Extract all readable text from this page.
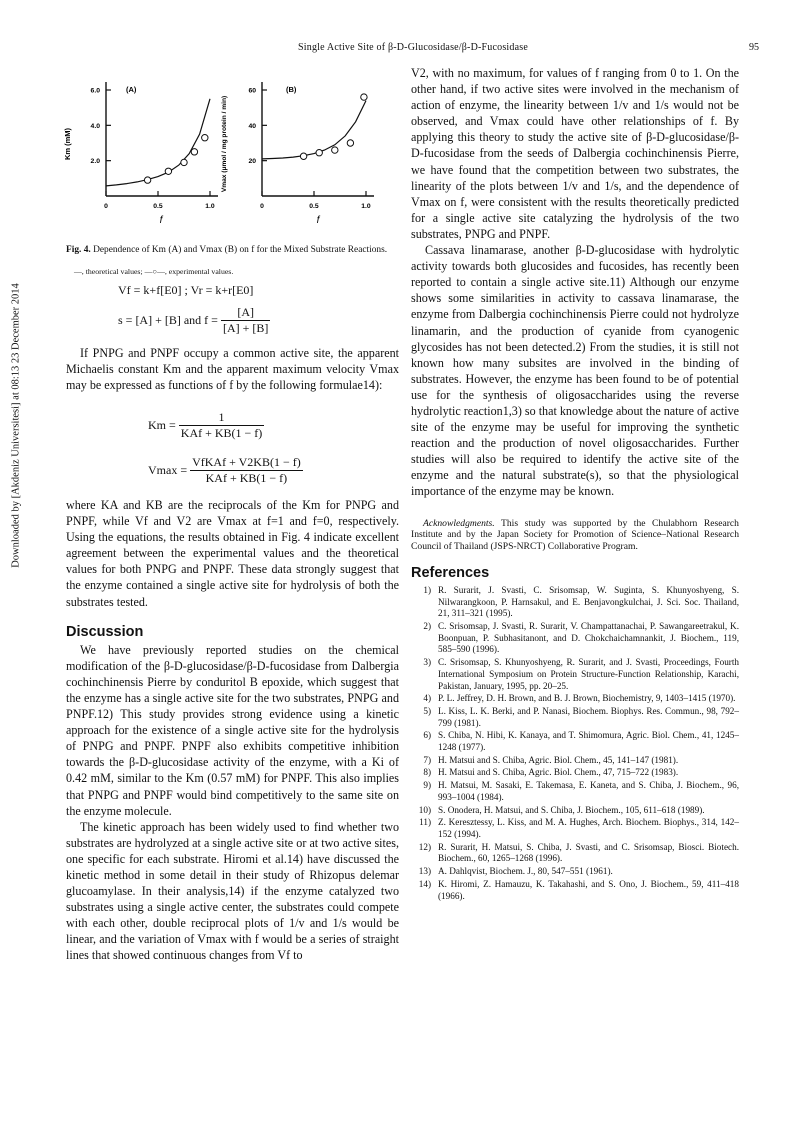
Single Active Site of β-D-Glucosidase/β-D-Fucosidase	95
Downloaded by [Akdeniz Universitesi] at 08:13 23 December 2014
(A)
Km (mM)
f
6.0
4.0
2.0
0	0.5	1.0
(B)
Vmax (μmol / mg protein / min)
f
60
40
20
0	0.5	1.0
Fig. 4. Dependence of Km (A) and Vmax (B) on f for the Mixed Substrate Reactions.
—, theoretical values; —○—, experimental values.
Vf = k+f[E0] ; Vr = k+r[E0]
s = [A] + [B] and $f = \frac{[A]}{[A] + [B]}$

If PNPG and PNPF occupy a common active site, the apparent Michaelis constant Km and the apparent maximum velocity Vmax may be expressed as functions of f by the following formulae14):

$Km = \frac{1}{\text{KAf + KB(1 − f)}}$
$Vmax = \frac{\text{VfKAf + V2KB(1 − f)}}{\text{KAf + KB(1 − f)}}$

where KA and KB are the reciprocals of the Km for PNPG and PNPF, while Vf and V2 are Vmax at f=1 and f=0, respectively. Using the equations, the results obtained in Fig. 4 indicate excellent agreement between the experimental values and the theoretical values for both PNPG and PNPF. These data strongly suggest that the enzyme contained a single active site for hydrolysis of both the substrates tested.

Discussion

We have previously reported studies on the chemical modification of the β-D-glucosidase/β-D-fucosidase from Dalbergia cochinchinensis Pierre by conduritol B epoxide, which suggest that the enzyme has a single active site for the two substrates, PNPG and PNPF.12) This study provides strong evidence using a kinetic approach for the existence of a single active site for the hydrolysis of PNPG and PNPF. PNPF also exhibits competitive inhibition towards the β-D-glucosidase activity of the enzyme, with a Ki of 0.42 mM, similar to the Km (0.57 mM) for PNPF. This also implies that PNPG and PNPF would bind competitively to the same site on the enzyme molecule.

The kinetic approach has been widely used to find whether two substrates are hydrolyzed at a single active site or at two active sites, one specific for each substrate. Hiromi et al.14) have discussed the kinetic method in some detail in their study of Rhizopus delemar glucoamylase. In their analysis,14) if the enzyme catalyzed two substrates using a single active center, the substrates could compete with each other, double reciprocal plots of 1/v and 1/s would be linear, and the variation of Vmax with f would be a series of straight lines that showed continuous changes from Vf to

V2, with no maximum, for values of f ranging from 0 to 1. On the other hand, if two active sites were involved in the mechanism of action of enzyme, the linearity between 1/v and 1/s would not be observed, and Vmax could have other relationships of f. By applying this theory to study the active site of β-D-glucosidase/β-D-fucosidase from the seeds of Dalbergia cochinchinensis Pierre, we have found that the competition between two substrates, the linearity of the plots between 1/v and 1/s, and the dependence of Vmax on f, were consistent with the results theoretically predicted for a single active site catalyzing the hydrolysis of the two substrates, PNPG and PNPF.

Cassava linamarase, another β-D-glucosidase with hydrolytic activity towards both glucosides and fucosides, has recently been reported to contain a single active site.11) Although our enzyme shows some similarities in activity to cassava linamarase, the enzyme from Dalbergia cochinchinensis Pierre could not hydrolyze linamarin, and the production of cyanide from cyanogenic glycosides has not been detected.2) From the studies, it is still not known how many subsites are involved in the binding of substrates. However, the enzyme has been found to be of potential use for the synthesis of oligosaccharides using the reverse hydrolytic reaction1,3) so that knowledge about the nature of active site of the enzyme may be useful for improving the synthetic reaction and the production of novel oligosaccharides. Further studies will also be required to identify the active site of the enzyme and the natural substrate(s), so that the physiological importance of the enzyme may be known.

Acknowledgments. This study was supported by the Chulabhorn Research Institute and by the Japan Society for Promotion of Science–National Research Council of Thailand (JSPS-NRCT) Collaborative Program.

References
1) R. Surarit, J. Svasti, C. Srisomsap, W. Suginta, S. Khunyoshyeng, S. Nilwarangkoon, P. Harnsakul, and E. Benjavongkulchai, J. Sci. Soc. Thailand, 21, 311–321 (1995).
2) C. Srisomsap, J. Svasti, R. Surarit, V. Champattanachai, P. Sawangareetrakul, K. Boonpuan, P. Subhasitanont, and D. Chokchaichamnankit, J. Biochem., 119, 585–590 (1996).
3) C. Srisomsap, S. Khunyoshyeng, R. Surarit, and J. Svasti, Proceedings, Fourth International Symposium on Protein Structure-Function Relationship, Karachi, Pakistan, January, 1995, pp. 20–25.
4) P. L. Jeffrey, D. H. Brown, and B. J. Brown, Biochemistry, 9, 1403–1415 (1970).
5) L. Kiss, L. K. Berki, and P. Nanasi, Biochem. Biophys. Res. Commun., 98, 792–799 (1981).
6) S. Chiba, N. Hibi, K. Kanaya, and T. Shimomura, Agric. Biol. Chem., 41, 1245–1248 (1977).
7) H. Matsui and S. Chiba, Agric. Biol. Chem., 45, 141–147 (1981).
8) H. Matsui and S. Chiba, Agric. Biol. Chem., 47, 715–722 (1983).
9) H. Matsui, M. Sasaki, E. Takemasa, E. Kaneta, and S. Chiba, J. Biochem., 96, 993–1004 (1984).
10) S. Onodera, H. Matsui, and S. Chiba, J. Biochem., 105, 611–618 (1989).
11) Z. Keresztessy, L. Kiss, and M. A. Hughes, Arch. Biochem. Biophys., 314, 142–152 (1994).
12) R. Surarit, H. Matsui, S. Chiba, J. Svasti, and C. Srisomsap, Biosci. Biotech. Biochem., 60, 1265–1268 (1996).
13) A. Dahlqvist, Biochem. J., 80, 547–551 (1961).
14) K. Hiromi, Z. Hamauzu, K. Takahashi, and S. Ono, J. Biochem., 59, 411–418 (1966).
